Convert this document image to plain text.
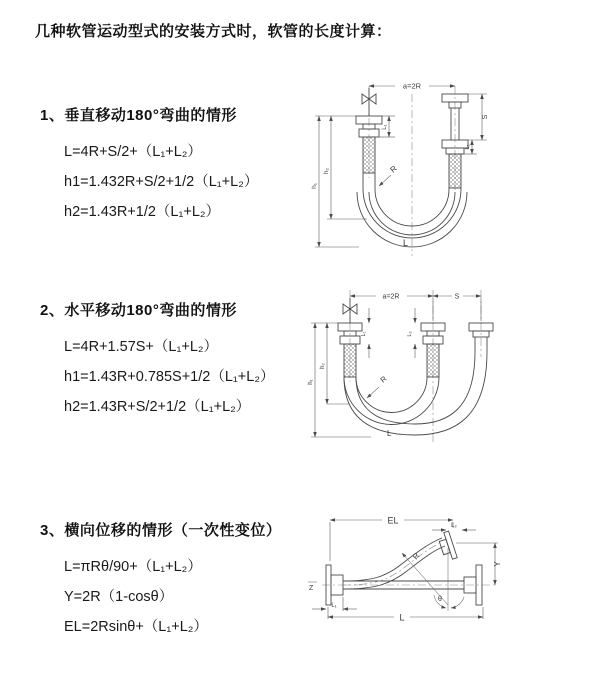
几种软管运动型式的安装方式时，软管的长度计算：
1、垂直移动180°弯曲的情形
L=4R+S/2+（L₁+L₂）
h1=1.432R+S/2+1/2（L₁+L₂）
h2=1.43R+1/2（L₁+L₂）
a=2R
R
L
h₁
h₂
L₁
S
L₂
2、水平移动180°弯曲的情形
L=4R+1.57S+（L₁+L₂）
h1=1.43R+0.785S+1/2（L₁+L₂）
h2=1.43R+S/2+1/2（L₁+L₂）
a=2R	S
R
L
h₁
h₂
L₁	L₂
3、横向位移的情形（一次性变位）
L=πRθ/90+（L₁+L₂）
Y=2R（1-cosθ）
EL=2Rsinθ+（L₁+L₂）
EL
L₂
Y
θ
R
L
L₁
Z
